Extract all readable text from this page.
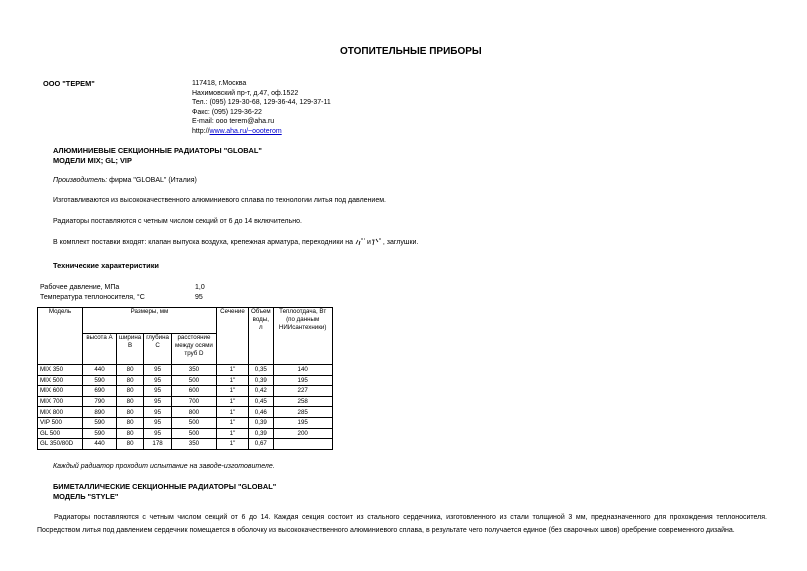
ОТОПИТЕЛЬНЫЕ ПРИБОРЫ
ООО "ТЕРЕМ"	117418, г.Москва
Нахимовский пр-т, д.47, оф.1522
Тел.: (095) 129-30-68, 129-36-44, 129-37-11
Факс: (095) 129-36-22
E-mail: ooo terem@aha.ru
http://www.aha.ru/~oooterom
АЛЮМИНИЕВЫЕ СЕКЦИОННЫЕ РАДИАТОРЫ "GLOBAL"
МОДЕЛИ MIX; GL; VIP
Производитель: фирма "GLOBAL" (Италия)
Изготавливаются из высококачественного алюминиевого сплава по технологии литья под давлением.
Радиаторы поставляются с четным числом секций от 6 до 14 включительно.
В комплект поставки входят: клапан выпуска воздуха, крепежная арматура, переходники на и , заглушки.
Технические характеристики
Рабочее давление, МПа	1,0
Температура теплоносителя, °С	95
Модель	Размеры, мм				Сечение	Объем воды, л	Теплоотдача, Вт (по данным НИИсантехники)
	высота А	ширина В	глубина С	расстояние между осями труб D			
MIX 350	440	80	95	350	1"	0,35	140
MIX 500	590	80	95	500	1"	0,39	195
MIX 600	690	80	95	600	1"	0,42	227
MIX 700	790	80	95	700	1"	0,45	258
MIX 800	890	80	95	800	1"	0,46	285
VIP 500	590	80	95	500	1"	0,39	195
GL 500	590	80	95	500	1"	0,39	200
GL 350/80D	440	80	178	350	1"	0,67	
Каждый радиатор проходит испытание на заводе-изготовителе.
БИМЕТАЛЛИЧЕСКИЕ СЕКЦИОННЫЕ РАДИАТОРЫ "GLOBAL"
МОДЕЛЬ "STYLE"
Радиаторы поставляются с четным числом секций от 6 до 14. Каждая секция состоит из стального сердечника, изготовленного из стали толщиной 3 мм, предназначенного для прохождения теплоносителя. Посредством литья под давлением сердечник помещается в оболочку из высококачественного алюминиевого сплава, в результате чего получается единое (без сварочных швов) оребрение современного дизайна.
